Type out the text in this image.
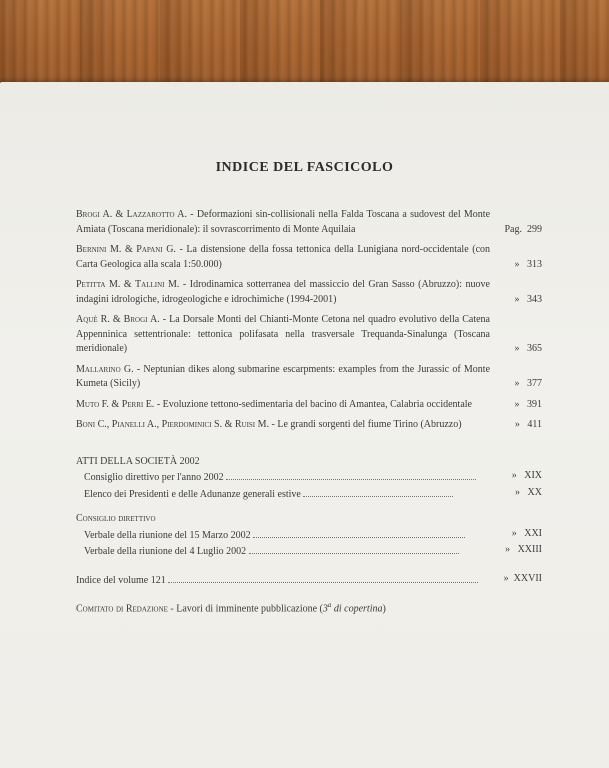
INDICE DEL FASCICOLO
Brogi A. & Lazzarotto A. - Deformazioni sin-collisionali nella Falda Toscana a sudovest del Monte Amiata (Toscana meridionale): il sovrascorrimento di Monte Aquilaia	Pag. 299
Bernini M. & Papani G. - La distensione della fossa tettonica della Lunigiana nord-occidentale (con Carta Geologica alla scala 1:50.000)	» 313
Petitta M. & Tallini M. - Idrodinamica sotterranea del massiccio del Gran Sasso (Abruzzo): nuove indagini idrologiche, idrogeologiche e idrochimiche (1994-2001)	» 343
Aquè R. & Brogi A. - La Dorsale Monti del Chianti-Monte Cetona nel quadro evolutivo della Catena Appenninica settentrionale: tettonica polifasata nella trasversale Trequanda-Sinalunga (Toscana meridionale)	» 365
Mallarino G. - Neptunian dikes along submarine escarpments: examples from the Jurassic of Monte Kumeta (Sicily)	» 377
Muto F. & Perri E. - Evoluzione tettono-sedimentaria del bacino di Amantea, Calabria occidentale	» 391
Boni C., Pianelli A., Pierdominici S. & Ruisi M. - Le grandi sorgenti del fiume Tirino (Abruzzo)	» 411
ATTI DELLA SOCIETÀ 2002
Consiglio direttivo per l'anno 2002	» XIX
Elenco dei Presidenti e delle Adunanze generali estive	» XX
Consiglio direttivo
Verbale della riunione del 15 Marzo 2002	» XXI
Verbale della riunione del 4 Luglio 2002	» XXIII
Indice del volume 121	» XXVII
Comitato di Redazione - Lavori di imminente pubblicazione (3$^a$ di copertina)
